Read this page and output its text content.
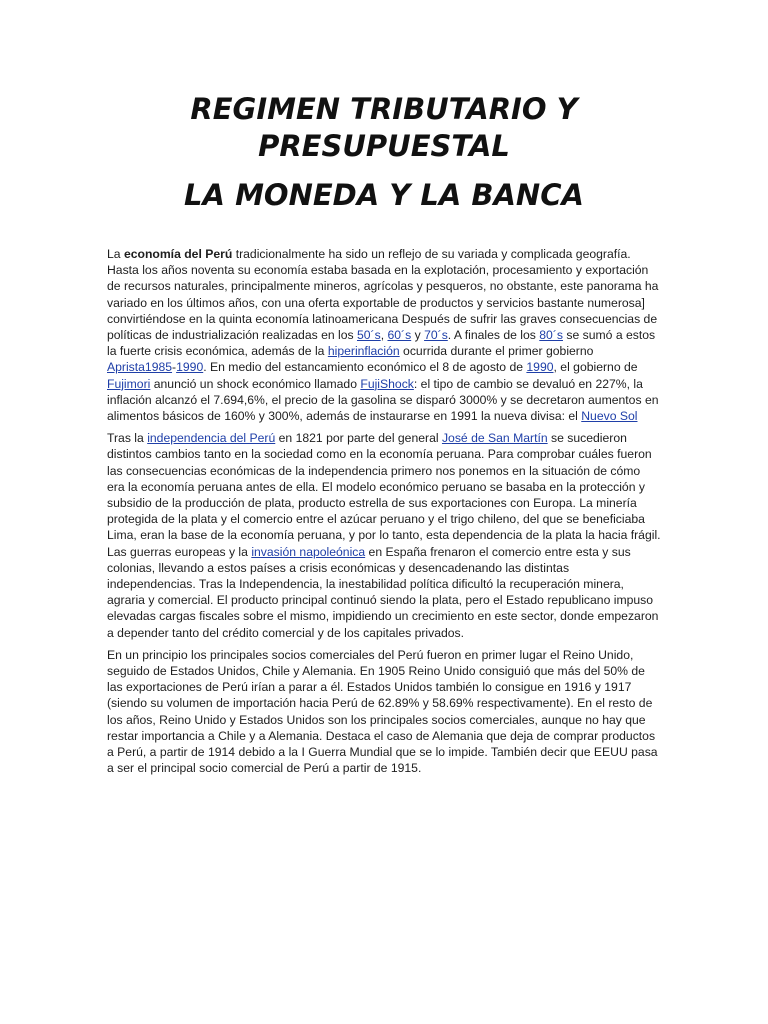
REGIMEN TRIBUTARIO Y
PRESUPUESTAL
LA MONEDA Y LA BANCA

La economía del Perú tradicionalmente ha sido un reflejo de su variada y complicada geografía. Hasta los años noventa su economía estaba basada en la explotación, procesamiento y exportación de recursos naturales, principalmente mineros, agrícolas y pesqueros, no obstante, este panorama ha variado en los últimos años, con una oferta exportable de productos y servicios bastante numerosa] convirtiéndose en la quinta economía latinoamericana Después de sufrir las graves consecuencias de políticas de industrialización realizadas en los 50´s, 60´s y 70´s. A finales de los 80´s se sumó a estos la fuerte crisis económica, además de la hiperinflación ocurrida durante el primer gobierno Aprista1985-1990. En medio del estancamiento económico el 8 de agosto de 1990, el gobierno de Fujimori anunció un shock económico llamado FujiShock: el tipo de cambio se devaluó en 227%, la inflación alcanzó el 7.694,6%, el precio de la gasolina se disparó 3000% y se decretaron aumentos en alimentos básicos de 160% y 300%, además de instaurarse en 1991 la nueva divisa: el Nuevo Sol

Tras la independencia del Perú en 1821 por parte del general José de San Martín se sucedieron distintos cambios tanto en la sociedad como en la economía peruana. Para comprobar cuáles fueron las consecuencias económicas de la independencia primero nos ponemos en la situación de cómo era la economía peruana antes de ella. El modelo económico peruano se basaba en la protección y subsidio de la producción de plata, producto estrella de sus exportaciones con Europa. La minería protegida de la plata y el comercio entre el azúcar peruano y el trigo chileno, del que se beneficiaba Lima, eran la base de la economía peruana, y por lo tanto, esta dependencia de la plata la hacia frágil. Las guerras europeas y la invasión napoleónica en España frenaron el comercio entre esta y sus colonias, llevando a estos países a crisis económicas y desencadenando las distintas independencias. Tras la Independencia, la inestabilidad política dificultó la recuperación minera, agraria y comercial. El producto principal continuó siendo la plata, pero el Estado republicano impuso elevadas cargas fiscales sobre el mismo, impidiendo un crecimiento en este sector, donde empezaron a depender tanto del crédito comercial y de los capitales privados.

En un principio los principales socios comerciales del Perú fueron en primer lugar el Reino Unido, seguido de Estados Unidos, Chile y Alemania. En 1905 Reino Unido consiguió que más del 50% de las exportaciones de Perú irían a parar a él. Estados Unidos también lo consigue en 1916 y 1917 (siendo su volumen de importación hacia Perú de 62.89% y 58.69% respectivamente). En el resto de los años, Reino Unido y Estados Unidos son los principales socios comerciales, aunque no hay que restar importancia a Chile y a Alemania. Destaca el caso de Alemania que deja de comprar productos a Perú, a partir de 1914 debido a la I Guerra Mundial que se lo impide. También decir que EEUU pasa a ser el principal socio comercial de Perú a partir de 1915.
